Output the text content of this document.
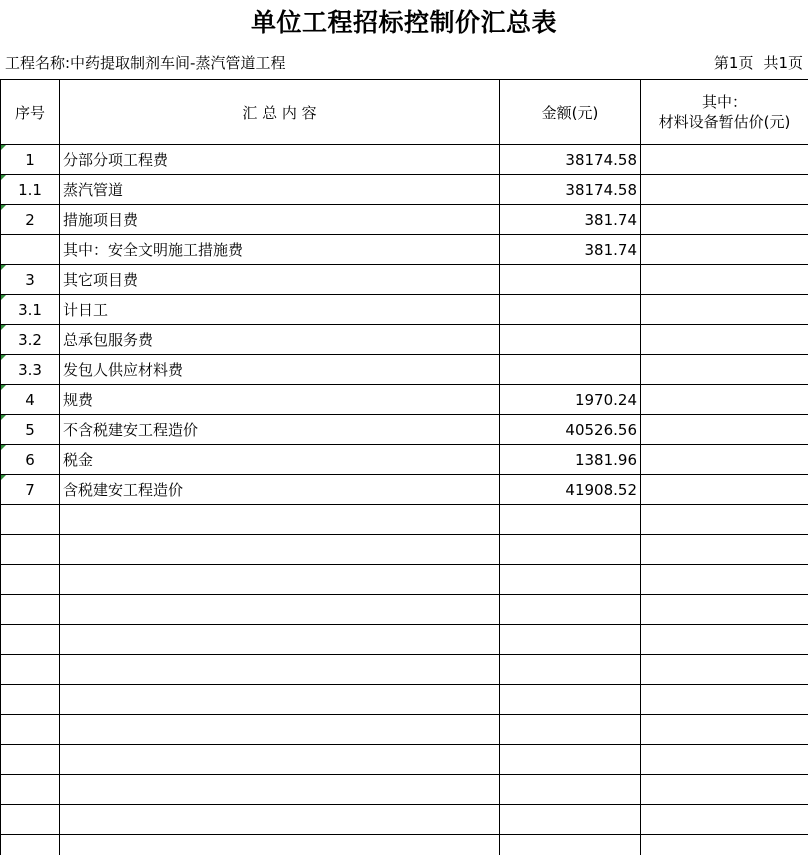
单位工程招标控制价汇总表
工程名称:中药提取制剂车间-蒸汽管道工程	第1页 共1页
序号	汇 总 内 容	金额(元)	其中：
材料设备暂估价(元)

1	分部分项工程费	38174.58	
1.1	蒸汽管道	38174.58	
2	措施项目费	381.74	
	其中：安全文明施工措施费	381.74	
3	其它项目费		
3.1	计日工		
3.2	总承包服务费		
3.3	发包人供应材料费		
4	规费	1970.24	
5	不含税建安工程造价	40526.56	
6	税金	1381.96	
7	含税建安工程造价	41908.52	
